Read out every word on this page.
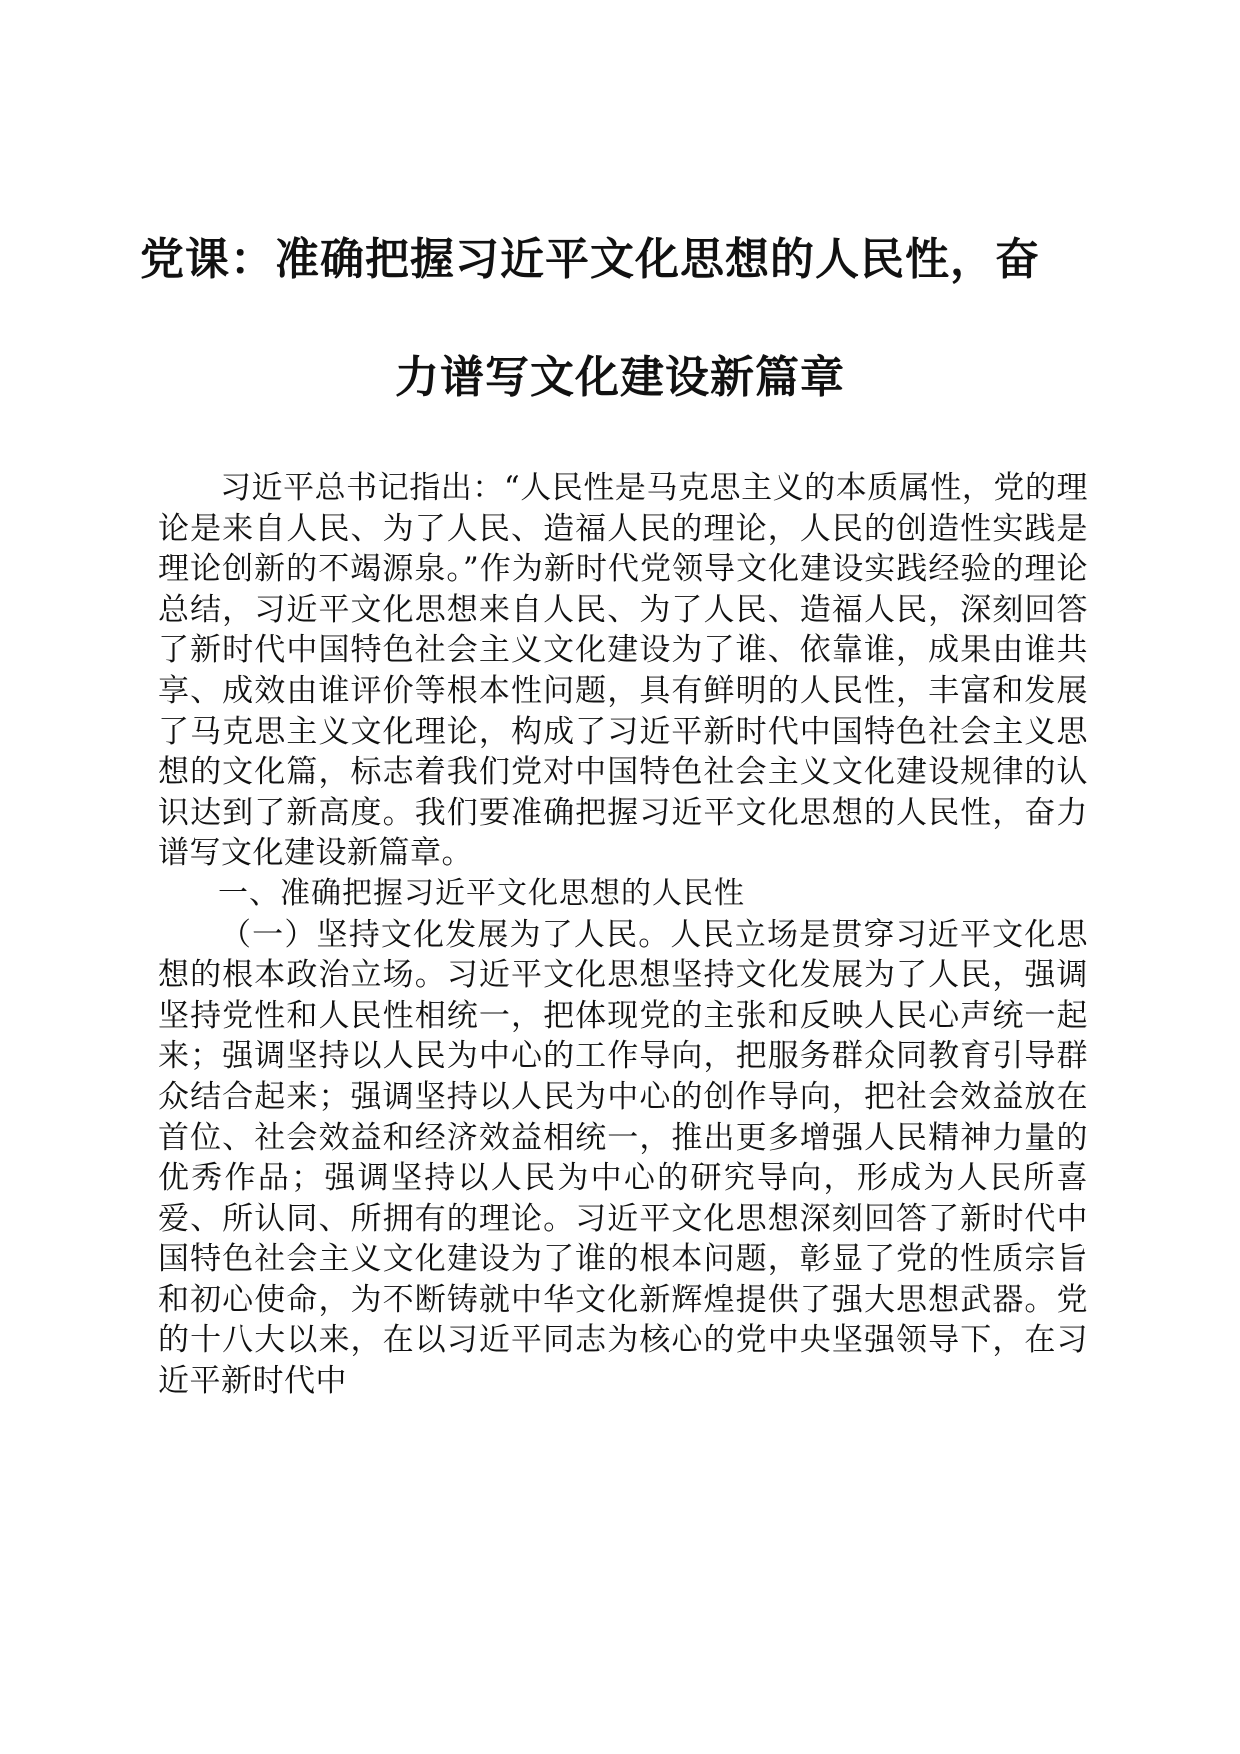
党课：准确把握习近平文化思想的人民性，奋
力谱写文化建设新篇章

习近平总书记指出：“人民性是马克思主义的本质属性，党的理论是来自人民、为了人民、造福人民的理论，人民的创造性实践是理论创新的不竭源泉。”作为新时代党领导文化建设实践经验的理论总结，习近平文化思想来自人民、为了人民、造福人民，深刻回答了新时代中国特色社会主义文化建设为了谁、依靠谁，成果由谁共享、成效由谁评价等根本性问题，具有鲜明的人民性，丰富和发展了马克思主义文化理论，构成了习近平新时代中国特色社会主义思想的文化篇，标志着我们党对中国特色社会主义文化建设规律的认识达到了新高度。我们要准确把握习近平文化思想的人民性，奋力谱写文化建设新篇章。

一、准确把握习近平文化思想的人民性

（一）坚持文化发展为了人民。人民立场是贯穿习近平文化思想的根本政治立场。习近平文化思想坚持文化发展为了人民，强调坚持党性和人民性相统一，把体现党的主张和反映人民心声统一起来；强调坚持以人民为中心的工作导向，把服务群众同教育引导群众结合起来；强调坚持以人民为中心的创作导向，把社会效益放在首位、社会效益和经济效益相统一，推出更多增强人民精神力量的优秀作品；强调坚持以人民为中心的研究导向，形成为人民所喜爱、所认同、所拥有的理论。习近平文化思想深刻回答了新时代中国特色社会主义文化建设为了谁的根本问题，彰显了党的性质宗旨和初心使命，为不断铸就中华文化新辉煌提供了强大思想武器。党的十八大以来，在以习近平同志为核心的党中央坚强领导下，在习近平新时代中
